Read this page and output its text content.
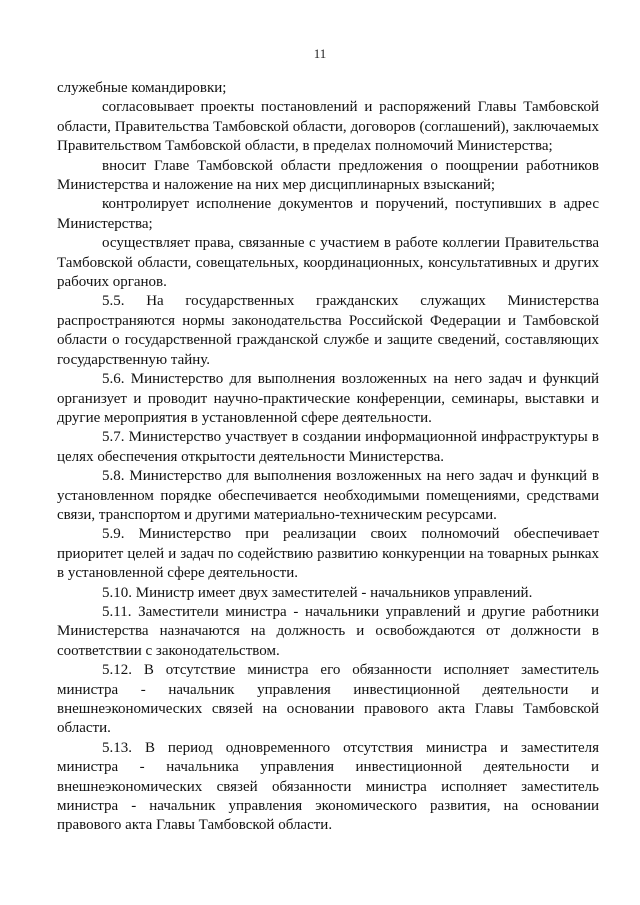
11

служебные командировки;

согласовывает проекты постановлений и распоряжений Главы Тамбовской области, Правительства Тамбовской области, договоров (соглашений), заключаемых Правительством Тамбовской области, в пределах полномочий Министерства;

вносит Главе Тамбовской области предложения о поощрении работников Министерства и наложение на них мер дисциплинарных взысканий;

контролирует исполнение документов и поручений, поступивших в адрес Министерства;

осуществляет права, связанные с участием в работе коллегии Правительства Тамбовской области, совещательных, координационных, консультативных и других рабочих органов.

5.5. На государственных гражданских служащих Министерства распространяются нормы законодательства Российской Федерации и Тамбовской области о государственной гражданской службе и защите сведений, составляющих государственную тайну.

5.6. Министерство для выполнения возложенных на него задач и функций организует и проводит научно-практические конференции, семинары, выставки и другие мероприятия в установленной сфере деятельности.

5.7. Министерство участвует в создании информационной инфраструктуры в целях обеспечения открытости деятельности Министерства.

5.8. Министерство для выполнения возложенных на него задач и функций в установленном порядке обеспечивается необходимыми помещениями, средствами связи, транспортом и другими материально-техническим ресурсами.

5.9. Министерство при реализации своих полномочий обеспечивает приоритет целей и задач по содействию развитию конкуренции на товарных рынках в установленной сфере деятельности.

5.10. Министр имеет двух заместителей - начальников управлений.

5.11. Заместители министра - начальники управлений и другие работники Министерства назначаются на должность и освобождаются от должности в соответствии с законодательством.

5.12. В отсутствие министра его обязанности исполняет заместитель министра - начальник управления инвестиционной деятельности и внешнеэкономических связей на основании правового акта Главы Тамбовской области.

5.13. В период одновременного отсутствия министра и заместителя министра - начальника управления инвестиционной деятельности и внешнеэкономических связей обязанности министра исполняет заместитель министра - начальник управления экономического развития, на основании правового акта Главы Тамбовской области.
